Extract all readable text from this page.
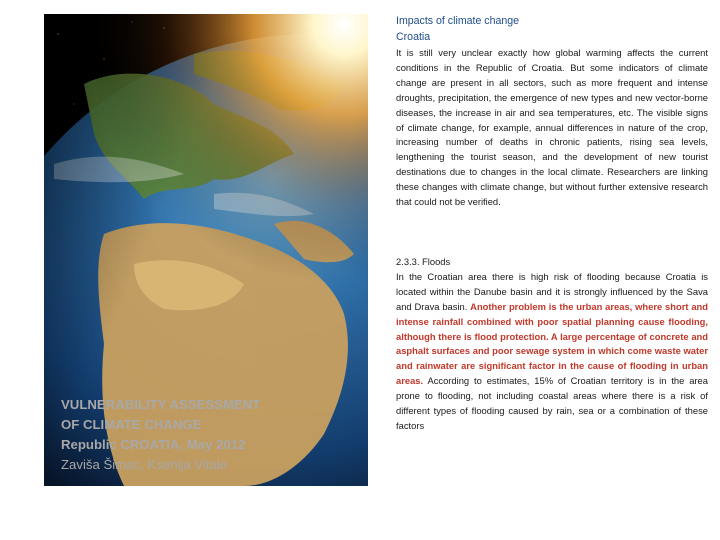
VULNERABILITY ASSESSMENT
OF CLIMATE CHANGE
Republic CROATIA, May 2012
Zaviša Šimac, Ksenija Vitale
Impacts of climate change
Croatia
It is still very unclear exactly how global warming affects the current conditions in the Republic of Croatia. But some indicators of climate change are present in all sectors, such as more frequent and intense droughts, precipitation, the emergence of new types and new vector-borne diseases, the increase in air and sea temperatures, etc. The visible signs of climate change, for example, annual differences in nature of the crop, increasing number of deaths in chronic patients, rising sea levels, lengthening the tourist season, and the development of new tourist destinations due to changes in the local climate. Researchers are linking these changes with climate change, but without further extensive research that could not be verified.
2.3.3. Floods
In the Croatian area there is high risk of flooding because Croatia is located within the Danube basin and it is strongly influenced by the Sava and Drava basin. Another problem is the urban areas, where short and intense rainfall combined with poor spatial planning cause flooding, although there is flood protection. A large percentage of concrete and asphalt surfaces and poor sewage system in which come waste water and rainwater are significant factor in the cause of flooding in urban areas. According to estimates, 15% of Croatian territory is in the area prone to flooding, not including coastal areas where there is a risk of different types of flooding caused by rain, sea or a combination of these factors
